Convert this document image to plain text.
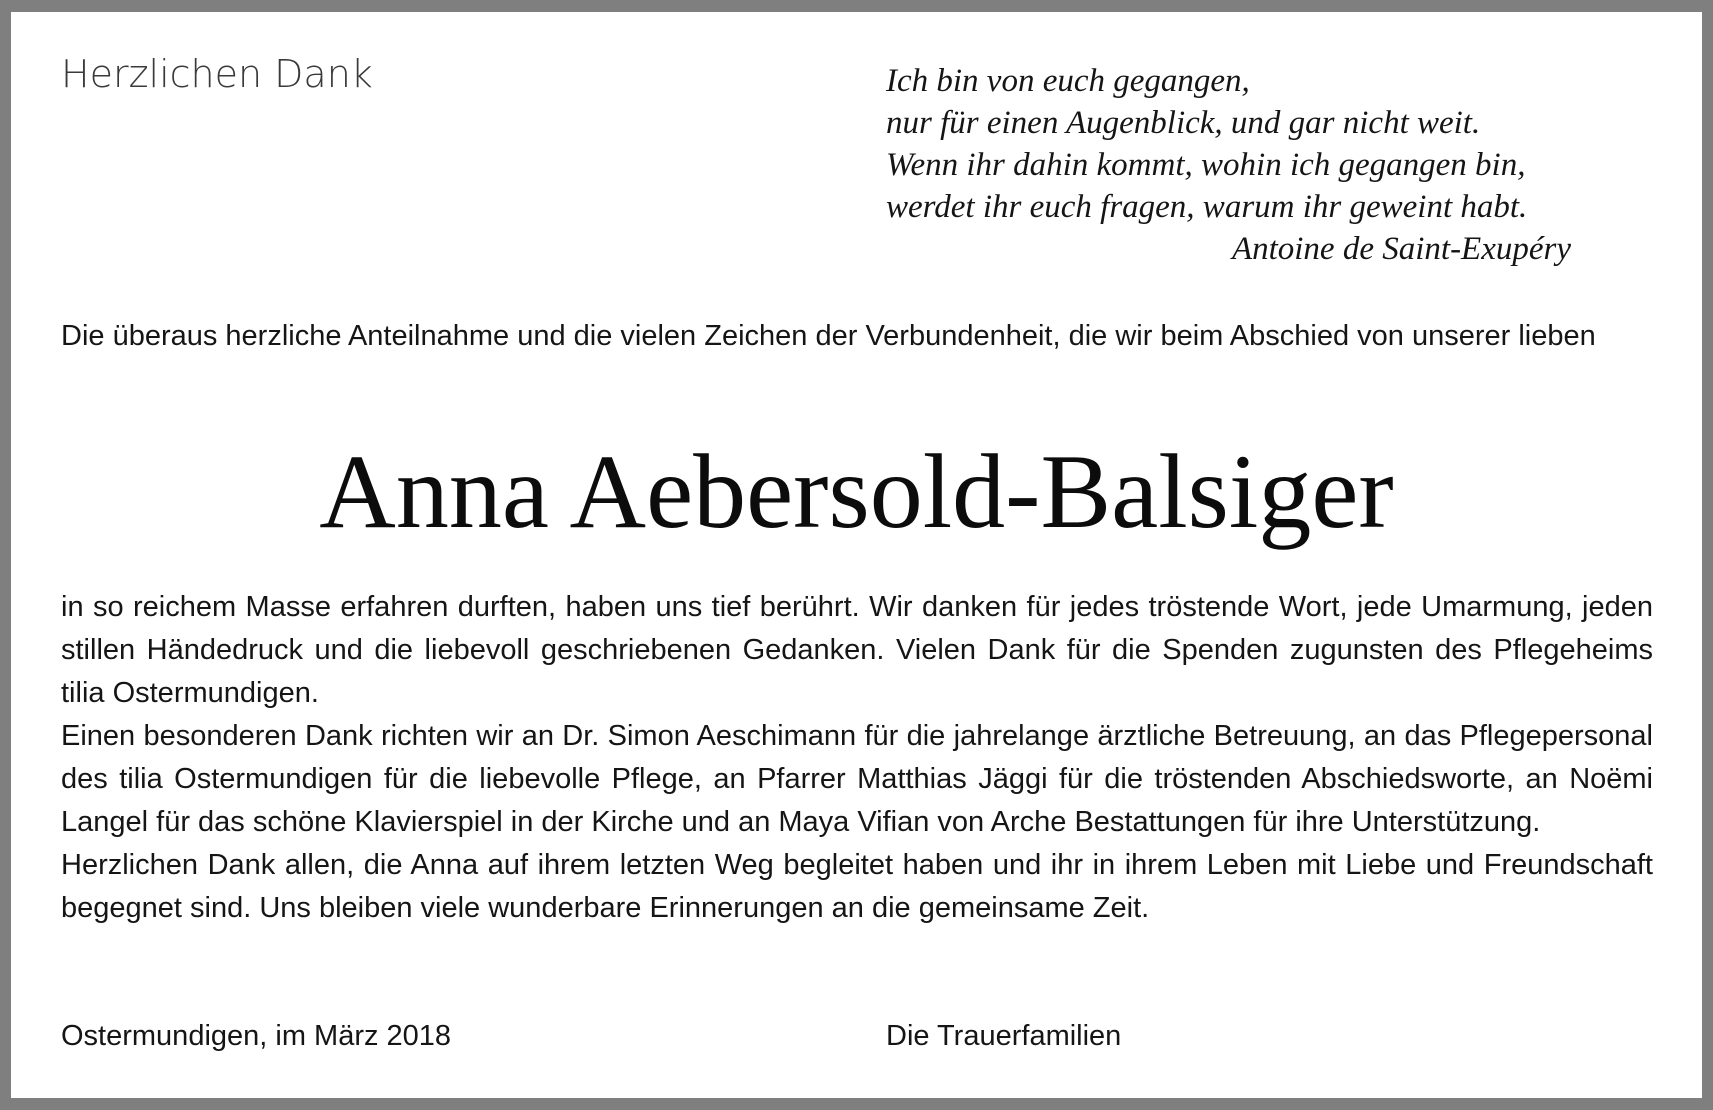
Herzlichen Dank	Ich bin von euch gegangen,
nur für einen Augenblick, und gar nicht weit.
Wenn ihr dahin kommt, wohin ich gegangen bin,
werdet ihr euch fragen, warum ihr geweint habt.
Antoine de Saint-Exupéry
Die überaus herzliche Anteilnahme und die vielen Zeichen der Verbundenheit, die wir beim Abschied von unserer lieben
Anna Aebersold-Balsiger

in so reichem Masse erfahren durften, haben uns tief berührt. Wir danken für jedes tröstende Wort, jede Umarmung, jeden stillen Händedruck und die liebevoll geschriebenen Gedanken. Vielen Dank für die Spenden zugunsten des Pflegeheims tilia Ostermundigen.

Einen besonderen Dank richten wir an Dr. Simon Aeschimann für die jahrelange ärztliche Betreuung, an das Pflegepersonal des tilia Ostermundigen für die liebevolle Pflege, an Pfarrer Matthias Jäggi für die tröstenden Abschiedsworte, an Noëmi Langel für das schöne Klavierspiel in der Kirche und an Maya Vifian von Arche Bestattungen für ihre Unterstützung.

Herzlichen Dank allen, die Anna auf ihrem letzten Weg begleitet haben und ihr in ihrem Leben mit Liebe und Freundschaft begegnet sind. Uns bleiben viele wunderbare Erinnerungen an die gemeinsame Zeit.

Ostermundigen, im März 2018	Die Trauerfamilien
